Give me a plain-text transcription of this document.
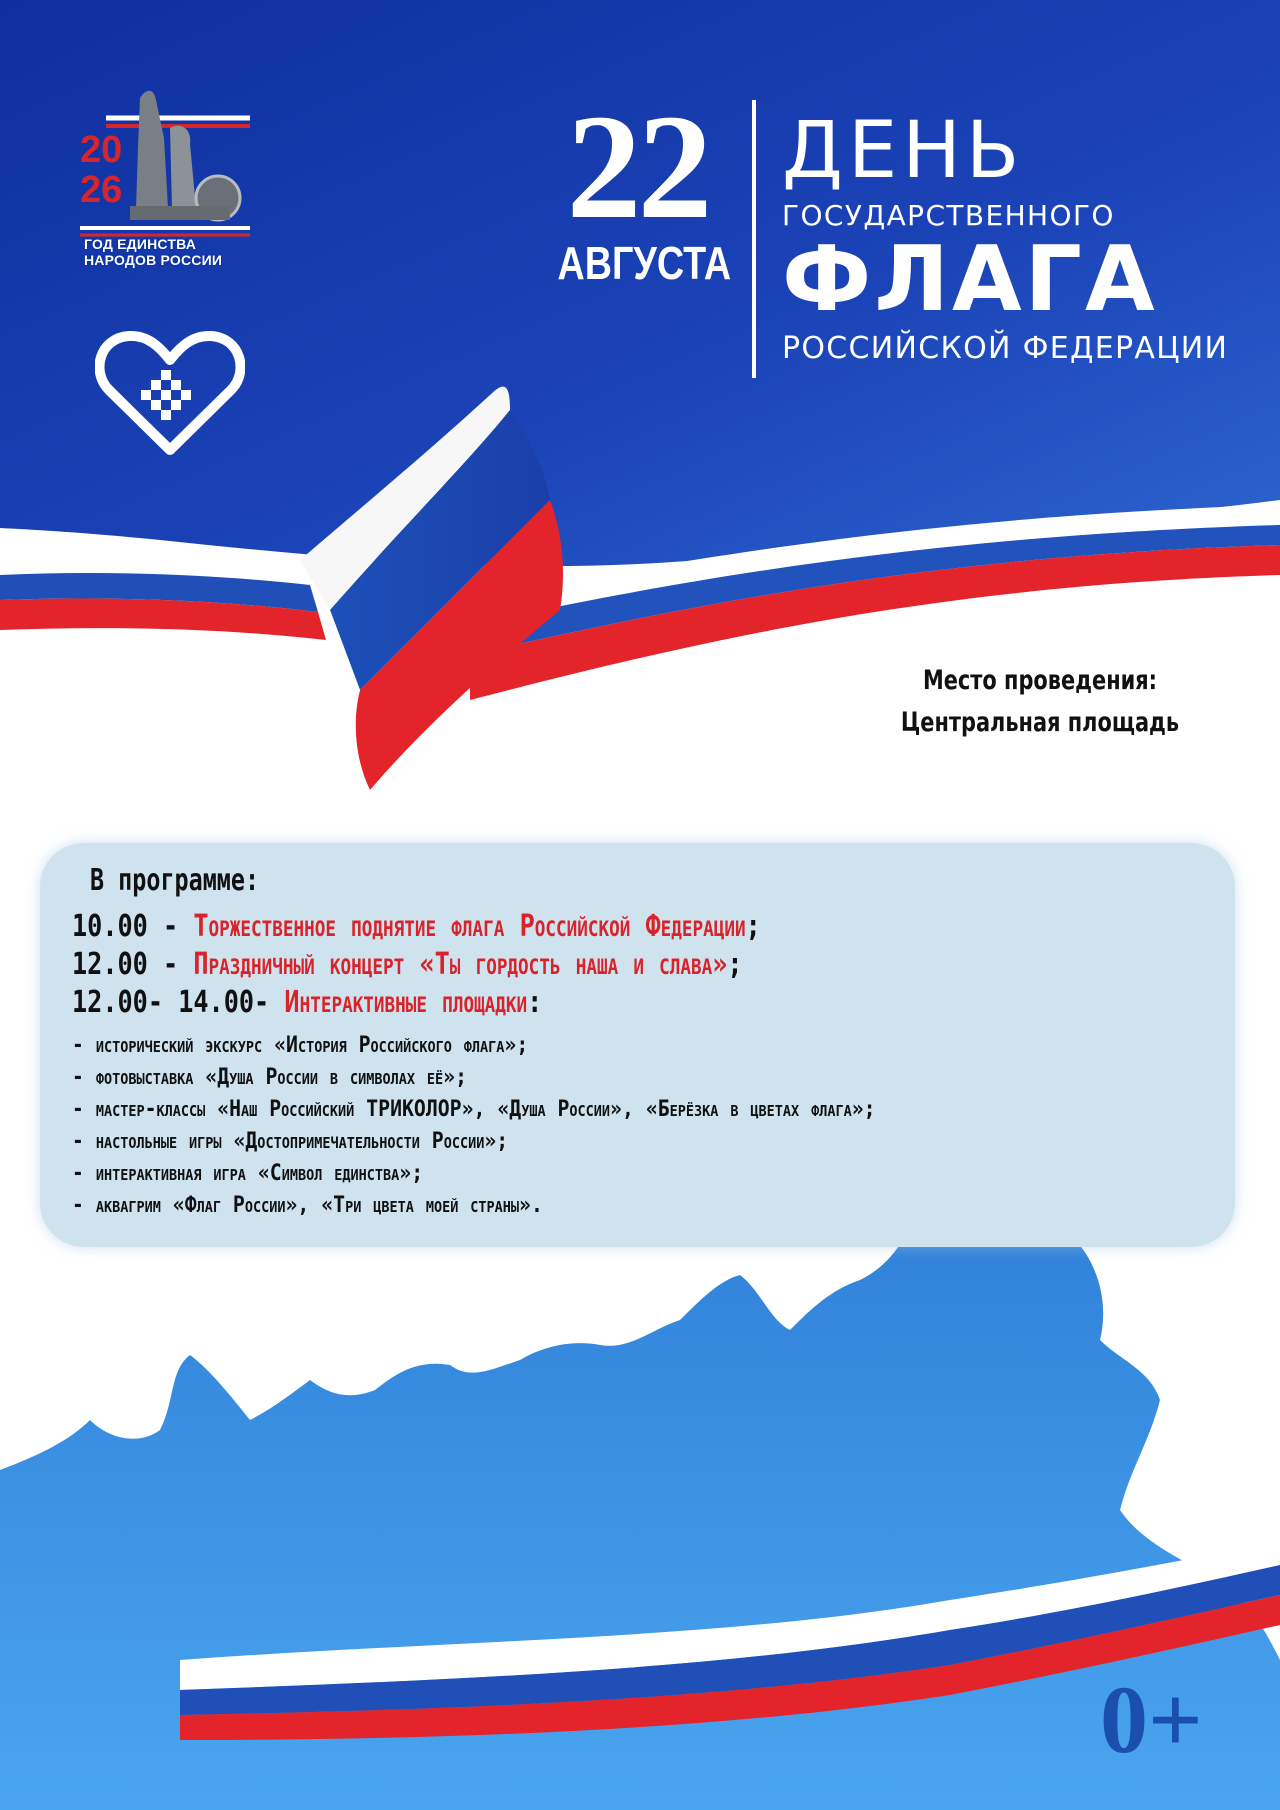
20
26
ГОД ЕДИНСТВА
НАРОДОВ РОССИИ
22
АВГУСТА
ДЕНЬ
ГОСУДАРСТВЕННОГО
ФЛАГА
РОССИЙСКОЙ ФЕДЕРАЦИИ
Место проведения:
Центральная площадь
В программе:
10.00 - Торжественное поднятие флага Российской Федерации;
12.00 - Праздничный концерт «Ты гордость наша и слава»;
12.00- 14.00- Интерактивные площадки:
- исторический экскурс «История Российского флага»;
- фотовыставка «Душа России в символах её»;
- мастер-классы «Наш Российский ТРИКОЛОР», «Душа России», «Берёзка в цветах флага»;
- настольные игры «Достопримечательности России»;
- интерактивная игра «Символ единства»;
- аквагрим «Флаг России», «Три цвета моей страны».
0+
